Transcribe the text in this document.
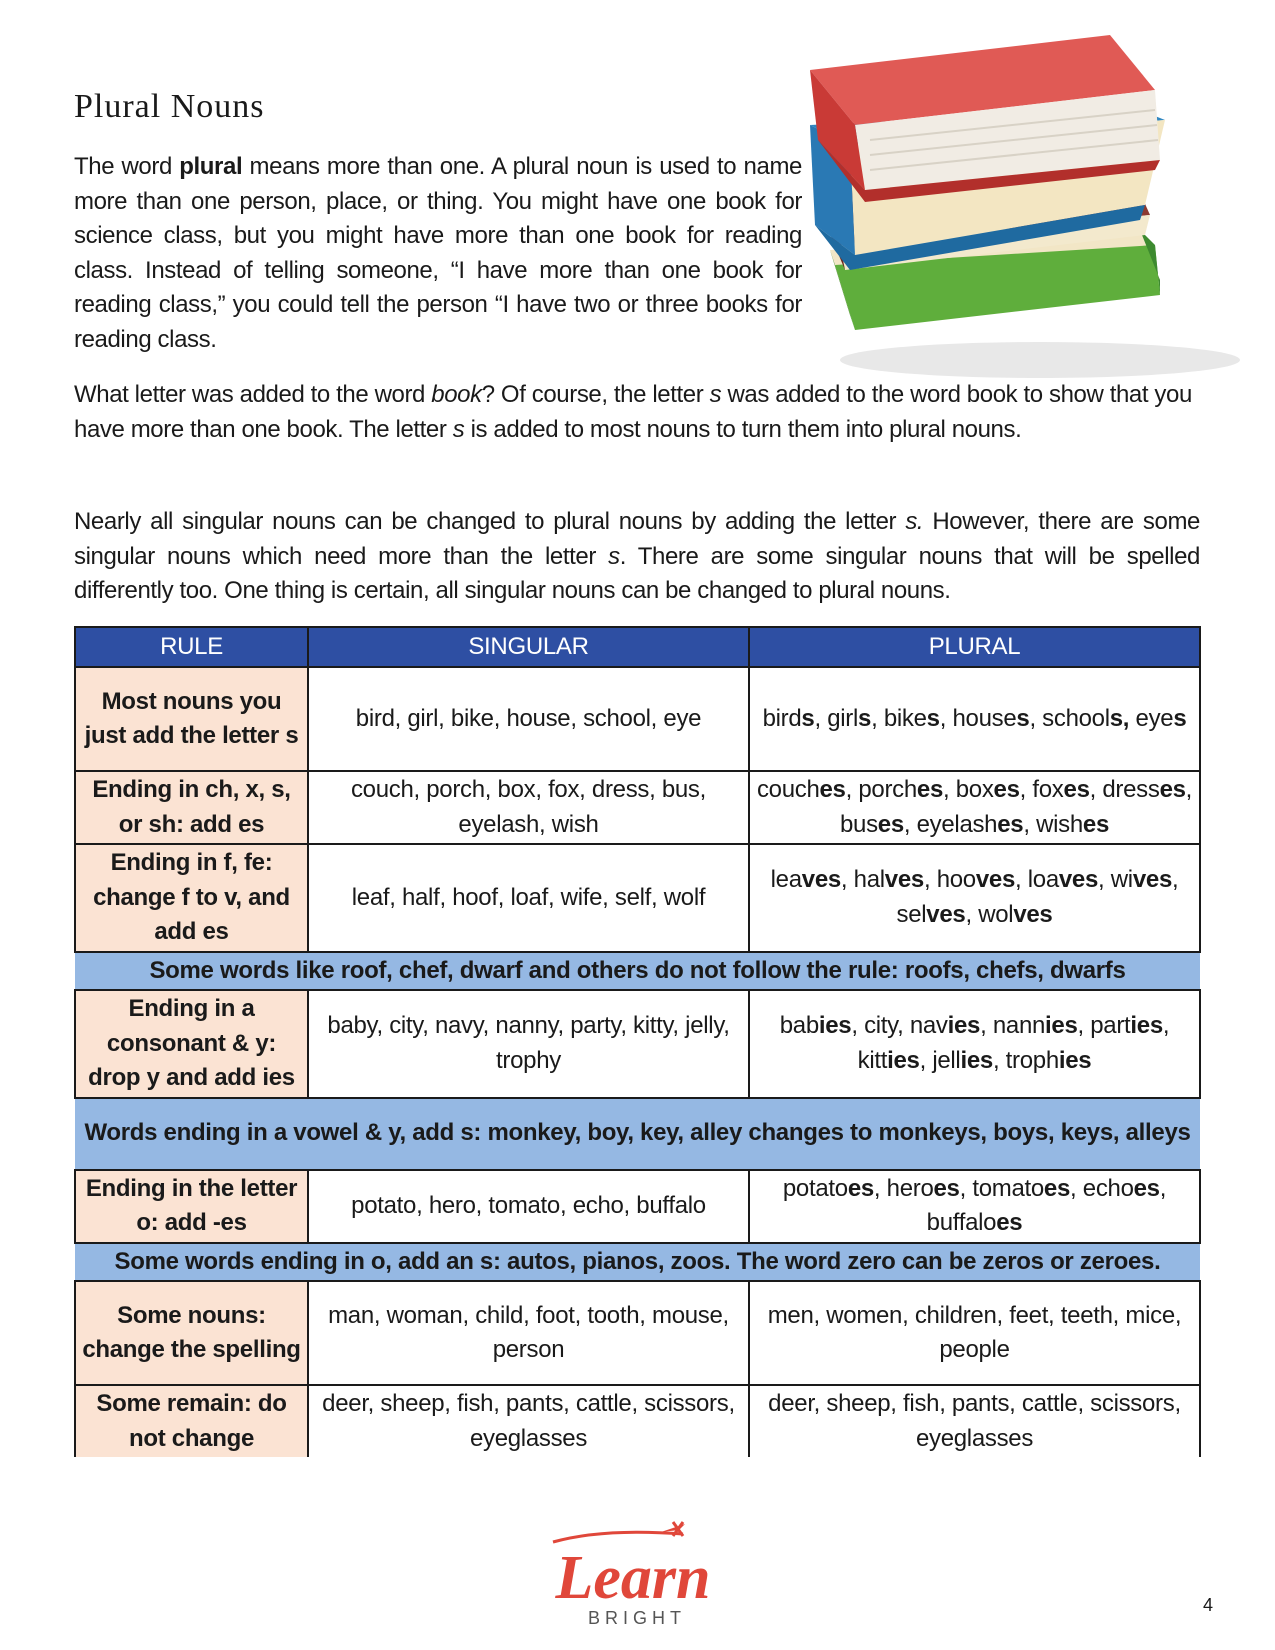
Plural Nouns

The word plural means more than one. A plural noun is used to name more than one person, place, or thing. You might have one book for science class, but you might have more than one book for reading class. Instead of telling someone, “I have more than one book for reading class,” you could tell the person “I have two or three books for reading class.

What letter was added to the word book? Of course, the letter s was added to the word book to show that you have more than one book. The letter s is added to most nouns to turn them into plural nouns.

Nearly all singular nouns can be changed to plural nouns by adding the letter s. However, there are some singular nouns which need more than the letter s. There are some singular nouns that will be spelled differently too. One thing is certain, all singular nouns can be changed to plural nouns.

RULE	SINGULAR	PLURAL
Most nouns you just add the letter s	bird, girl, bike, house, school, eye	birds, girls, bikes, houses, schools, eyes
Ending in ch, x, s, or sh: add es	couch, porch, box, fox, dress, bus, eyelash, wish	couches, porches, boxes, foxes, dresses, buses, eyelashes, wishes
Ending in f, fe: change f to v, and add es	leaf, half, hoof, loaf, wife, self, wolf	leaves, halves, hooves, loaves, wives, selves, wolves
Some words like roof, chef, dwarf and others do not follow the rule: roofs, chefs, dwarfs		
Ending in a consonant & y: drop y and add ies	baby, city, navy, nanny, party, kitty, jelly, trophy	babies, city, navies, nannies, parties, kitties, jellies, trophies
Words ending in a vowel & y, add s: monkey, boy, key, alley changes to monkeys, boys, keys, alleys		
Ending in the letter o: add -es	potato, hero, tomato, echo, buffalo	potatoes, heroes, tomatoes, echoes, buffaloes
Some words ending in o, add an s: autos, pianos, zoos. The word zero can be zeros or zeroes.		
Some nouns: change the spelling	man, woman, child, foot, tooth, mouse, person	men, women, children, feet, teeth, mice, people
Some remain: do not change	deer, sheep, fish, pants, cattle, scissors, eyeglasses	deer, sheep, fish, pants, cattle, scissors, eyeglasses
Learn
BRIGHT
4
